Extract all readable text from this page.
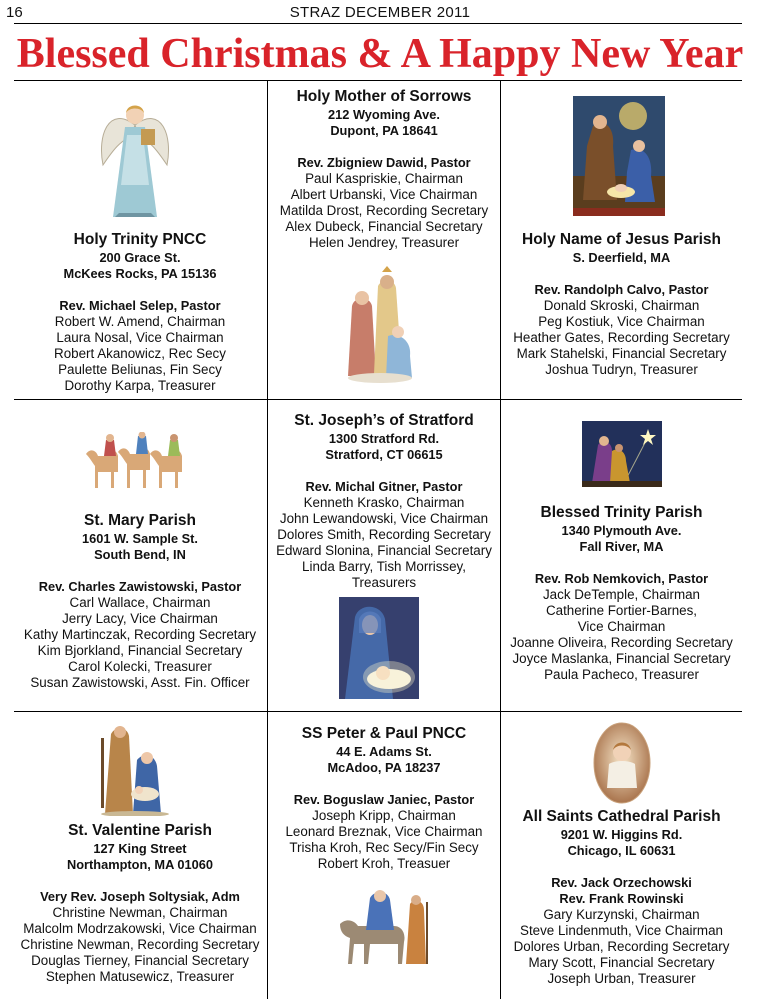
16	STRAZ DECEMBER 2011
Blessed Christmas & A Happy New Year
Holy Trinity PNCC
200 Grace St.
McKees Rocks, PA 15136
Rev. Michael Selep, Pastor
Robert W. Amend, Chairman
Laura Nosal, Vice Chairman
Robert Akanowicz, Rec Secy
Paulette Beliunas, Fin Secy
Dorothy Karpa, Treasurer
Holy Mother of Sorrows
212 Wyoming Ave.
Dupont, PA 18641
Rev. Zbigniew Dawid, Pastor
Paul Kaspriskie, Chairman
Albert Urbanski, Vice Chairman
Matilda Drost, Recording Secretary
Alex Dubeck, Financial Secretary
Helen Jendrey, Treasurer	Holy Name of Jesus Parish
S. Deerfield, MA
Rev. Randolph Calvo, Pastor
Donald Skroski, Chairman
Peg Kostiuk, Vice Chairman
Heather Gates, Recording Secretary
Mark Stahelski, Financial Secretary
Joshua Tudryn, Treasurer
St. Mary Parish
1601 W. Sample St.
South Bend, IN
Rev. Charles Zawistowski, Pastor
Carl Wallace, Chairman
Jerry Lacy, Vice Chairman
Kathy Martinczak, Recording Secretary
Kim Bjorkland, Financial Secretary
Carol Kolecki, Treasurer
Susan Zawistowski, Asst. Fin. Officer
St. Joseph’s of Stratford
1300 Stratford Rd.
Stratford, CT 06615
Rev. Michal Gitner, Pastor
Kenneth Krasko, Chairman
John Lewandowski, Vice Chairman
Dolores Smith, Recording Secretary
Edward Slonina, Financial Secretary
Linda Barry, Tish Morrissey,
Treasurers
Blessed Trinity Parish
1340 Plymouth Ave.
Fall River, MA
Rev. Rob Nemkovich, Pastor
Jack DeTemple, Chairman
Catherine Fortier-Barnes,
Vice Chairman
Joanne Oliveira, Recording Secretary
Joyce Maslanka, Financial Secretary
Paula Pacheco, Treasurer
St. Valentine Parish
127 King Street
Northampton, MA 01060
Very Rev. Joseph Soltysiak, Adm
Christine Newman, Chairman
Malcolm Modrzakowski, Vice Chairman
Christine Newman, Recording Secretary
Douglas Tierney, Financial Secretary
Stephen Matusewicz, Treasurer
SS Peter & Paul PNCC
44 E. Adams St.
McAdoo, PA 18237
Rev. Boguslaw Janiec, Pastor
Joseph Kripp, Chairman
Leonard Breznak, Vice Chairman
Trisha Kroh, Rec Secy/Fin Secy
Robert Kroh, Treasuer
All Saints Cathedral Parish
9201 W. Higgins Rd.
Chicago, IL 60631
Rev. Jack Orzechowski
Rev. Frank Rowinski
Gary Kurzynski, Chairman
Steve Lindenmuth, Vice Chairman
Dolores Urban, Recording Secretary
Mary Scott, Financial Secretary
Joseph Urban, Treasurer
